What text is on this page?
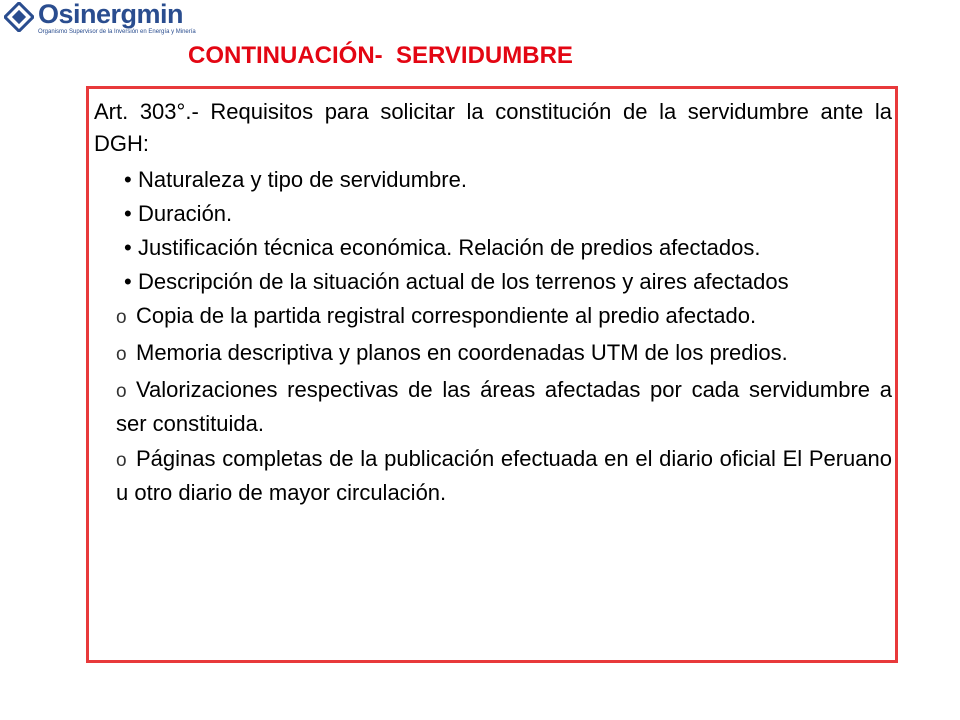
Osinergmin
Organismo Supervisor de la Inversión en Energía y Minería
CONTINUACIÓN-  SERVIDUMBRE

Art. 303°.- Requisitos para solicitar la constitución de la servidumbre ante la DGH:

• Naturaleza y tipo de servidumbre.

• Duración.

• Justificación técnica económica. Relación de predios afectados.

• Descripción de la situación actual de los terrenos y aires afectados

o Copia de la partida registral correspondiente al predio afectado.

o Memoria descriptiva y planos en coordenadas UTM de los predios.

o Valorizaciones respectivas de las áreas afectadas por cada servidumbre a ser constituida.

o Páginas completas de la publicación efectuada en el diario oficial El Peruano u otro diario de mayor circulación.
